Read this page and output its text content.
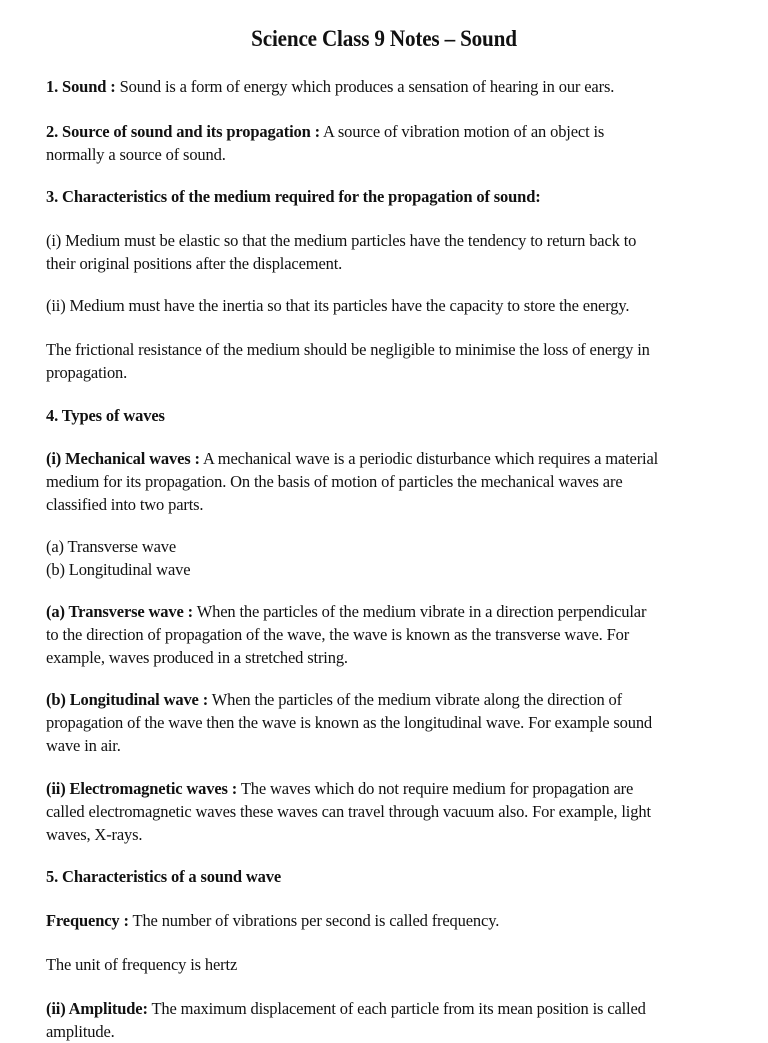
Science Class 9 Notes – Sound

1. Sound : Sound is a form of energy which produces a sensation of hearing in our ears.

2. Source of sound and its propagation : A source of vibration motion of an object is
normally a source of sound.

3. Characteristics of the medium required for the propagation of sound:

(i) Medium must be elastic so that the medium particles have the tendency to return back to
their original positions after the displacement.

(ii) Medium must have the inertia so that its particles have the capacity to store the energy.

The frictional resistance of the medium should be negligible to minimise the loss of energy in
propagation.

4. Types of waves

(i) Mechanical waves : A mechanical wave is a periodic disturbance which requires a material
medium for its propagation. On the basis of motion of particles the mechanical waves are
classified into two parts.

(a) Transverse wave
(b) Longitudinal wave

(a) Transverse wave : When the particles of the medium vibrate in a direction perpendicular
to the direction of propagation of the wave, the wave is known as the transverse wave. For
example, waves produced in a stretched string.

(b) Longitudinal wave : When the particles of the medium vibrate along the direction of
propagation of the wave then the wave is known as the longitudinal wave. For example sound
wave in air.

(ii) Electromagnetic waves : The waves which do not require medium for propagation are
called electromagnetic waves these waves can travel through vacuum also. For example, light
waves, X-rays.

5. Characteristics of a sound wave

Frequency : The number of vibrations per second is called frequency.

The unit of frequency is hertz

(ii) Amplitude: The maximum displacement of each particle from its mean position is called
amplitude.
